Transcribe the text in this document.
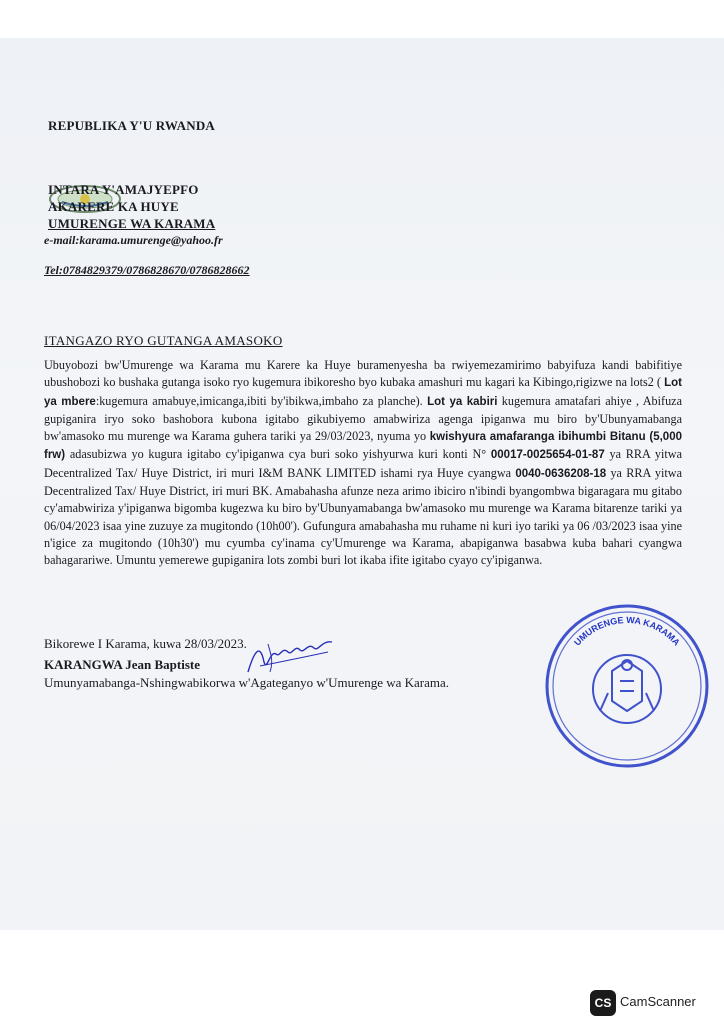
REPUBLIKA Y'U RWANDA
INTARA Y'AMAJYEPFO
AKARERE KA HUYE
UMURENGE WA KARAMA
e-mail:karama.umurenge@yahoo.fr
Tel:0784829379/0786828670/0786828662
ITANGAZO RYO GUTANGA AMASOKO
Ubuyobozi bw'Umurenge wa Karama mu Karere ka Huye buramenyesha ba rwiyemezamirimo babyifuza kandi babifitiye ubushobozi ko bushaka gutanga isoko ryo kugemura ibikoresho byo kubaka amashuri mu kagari ka Kibingo,rigizwe na lots2 ( Lot ya mbere:kugemura amabuye,imicanga,ibiti by'ibikwa,imbaho za planche). Lot ya kabiri kugemura amatafari ahiye , Abifuza gupiganira iryo soko bashobora kubona igitabo gikubiyemo amabwiriza agenga ipiganwa mu biro by'Ubunyamabanga bw'amasoko mu murenge wa Karama guhera tariki ya 29/03/2023, nyuma yo kwishyura amafaranga ibihumbi Bitanu (5,000 frw) adasubizwa yo kugura igitabo cy'ipiganwa cya buri soko yishyurwa kuri konti N° 00017-0025654-01-87 ya RRA yitwa Decentralized Tax/ Huye District, iri muri I&M BANK LIMITED ishami rya Huye cyangwa 0040-0636208-18 ya RRA yitwa Decentralized Tax/ Huye District, iri muri BK. Amabahasha afunze neza arimo ibiciro n'ibindi byangombwa bigaragara mu gitabo cy'amabwiriza y'ipiganwa bigomba kugezwa ku biro by'Ubunyamabanga bw'amasoko mu murenge wa Karama bitarenze tariki ya 06/04/2023 isaa yine zuzuye za mugitondo (10h00'). Gufungura amabahasha mu ruhame ni kuri iyo tariki ya 06 /03/2023 isaa yine n'igice za mugitondo (10h30') mu cyumba cy'inama cy'Umurenge wa Karama, abapiganwa basabwa kuba bahari cyangwa bahagarariwe. Umuntu yemerewe gupiganira lots zombi buri lot ikaba ifite igitabo cyayo cy'ipiganwa.
Bikorewe I Karama, kuwa 28/03/2023.
KARANGWA Jean Baptiste
Umunyamabanga-Nshingwabikorwa w'Agateganyo w'Umurenge wa Karama.
UMURENGE WA KARAMA
CS CamScanner
